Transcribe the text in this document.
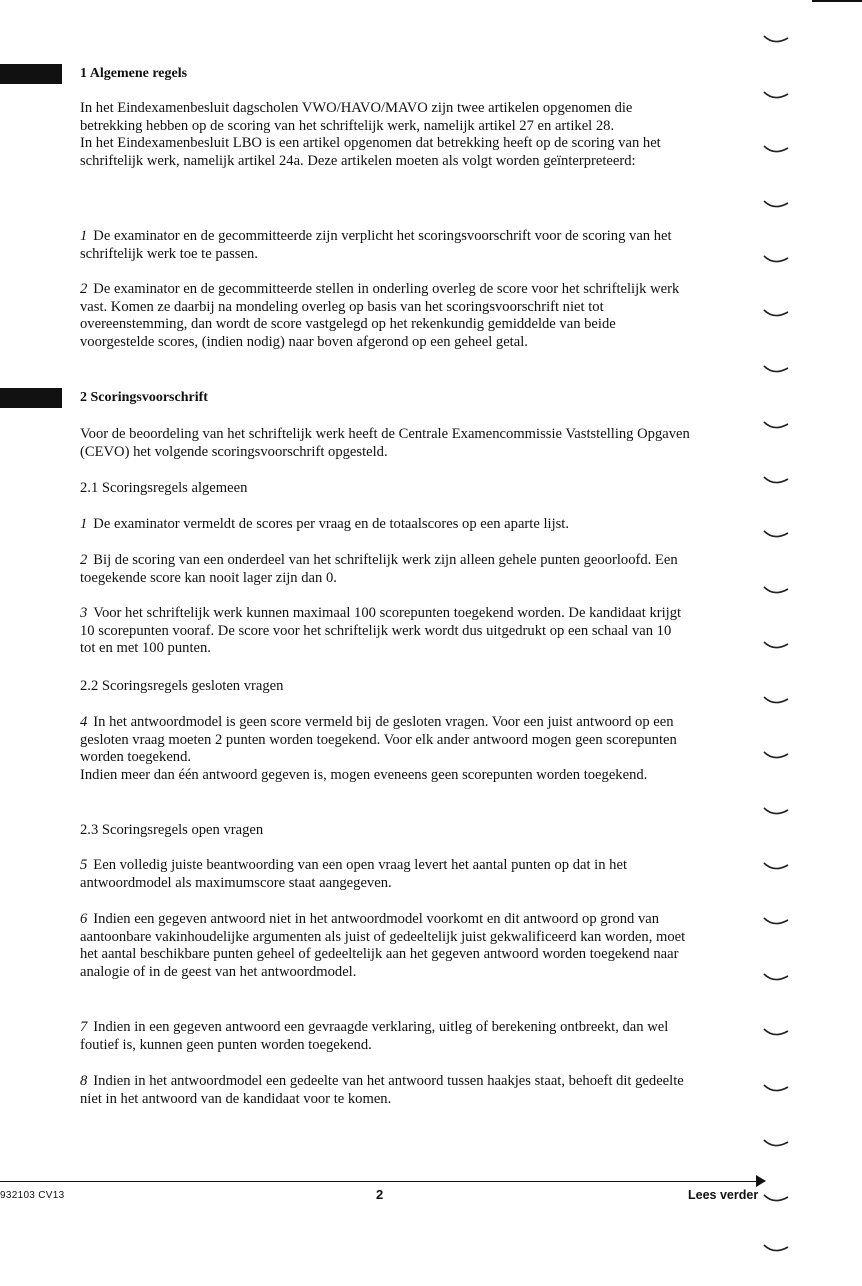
1 Algemene regels
In het Eindexamenbesluit dagscholen VWO/HAVO/MAVO zijn twee artikelen opgenomen die betrekking hebben op de scoring van het schriftelijk werk, namelijk artikel 27 en artikel 28.
In het Eindexamenbesluit LBO is een artikel opgenomen dat betrekking heeft op de scoring van het schriftelijk werk, namelijk artikel 24a. Deze artikelen moeten als volgt worden geïnterpreteerd:
1 De examinator en de gecommitteerde zijn verplicht het scoringsvoorschrift voor de scoring van het schriftelijk werk toe te passen.
2 De examinator en de gecommitteerde stellen in onderling overleg de score voor het schriftelijk werk vast. Komen ze daarbij na mondeling overleg op basis van het scoringsvoorschrift niet tot overeenstemming, dan wordt de score vastgelegd op het rekenkundig gemiddelde van beide voorgestelde scores, (indien nodig) naar boven afgerond op een geheel getal.
2 Scoringsvoorschrift
Voor de beoordeling van het schriftelijk werk heeft de Centrale Examencommissie Vaststelling Opgaven (CEVO) het volgende scoringsvoorschrift opgesteld.
2.1 Scoringsregels algemeen
1 De examinator vermeldt de scores per vraag en de totaalscores op een aparte lijst.
2 Bij de scoring van een onderdeel van het schriftelijk werk zijn alleen gehele punten geoorloofd. Een toegekende score kan nooit lager zijn dan 0.
3 Voor het schriftelijk werk kunnen maximaal 100 scorepunten toegekend worden. De kandidaat krijgt 10 scorepunten vooraf. De score voor het schriftelijk werk wordt dus uitgedrukt op een schaal van 10 tot en met 100 punten.
2.2 Scoringsregels gesloten vragen
4 In het antwoordmodel is geen score vermeld bij de gesloten vragen. Voor een juist antwoord op een gesloten vraag moeten 2 punten worden toegekend. Voor elk ander antwoord mogen geen scorepunten worden toegekend.
Indien meer dan één antwoord gegeven is, mogen eveneens geen scorepunten worden toegekend.
2.3 Scoringsregels open vragen
5 Een volledig juiste beantwoording van een open vraag levert het aantal punten op dat in het antwoordmodel als maximumscore staat aangegeven.
6 Indien een gegeven antwoord niet in het antwoordmodel voorkomt en dit antwoord op grond van aantoonbare vakinhoudelijke argumenten als juist of gedeeltelijk juist gekwalificeerd kan worden, moet het aantal beschikbare punten geheel of gedeeltelijk aan het gegeven antwoord worden toegekend naar analogie of in de geest van het antwoordmodel.
7 Indien in een gegeven antwoord een gevraagde verklaring, uitleg of berekening ontbreekt, dan wel foutief is, kunnen geen punten worden toegekend.
8 Indien in het antwoordmodel een gedeelte van het antwoord tussen haakjes staat, behoeft dit gedeelte niet in het antwoord van de kandidaat voor te komen.
932103 CV13	2	Lees verder
